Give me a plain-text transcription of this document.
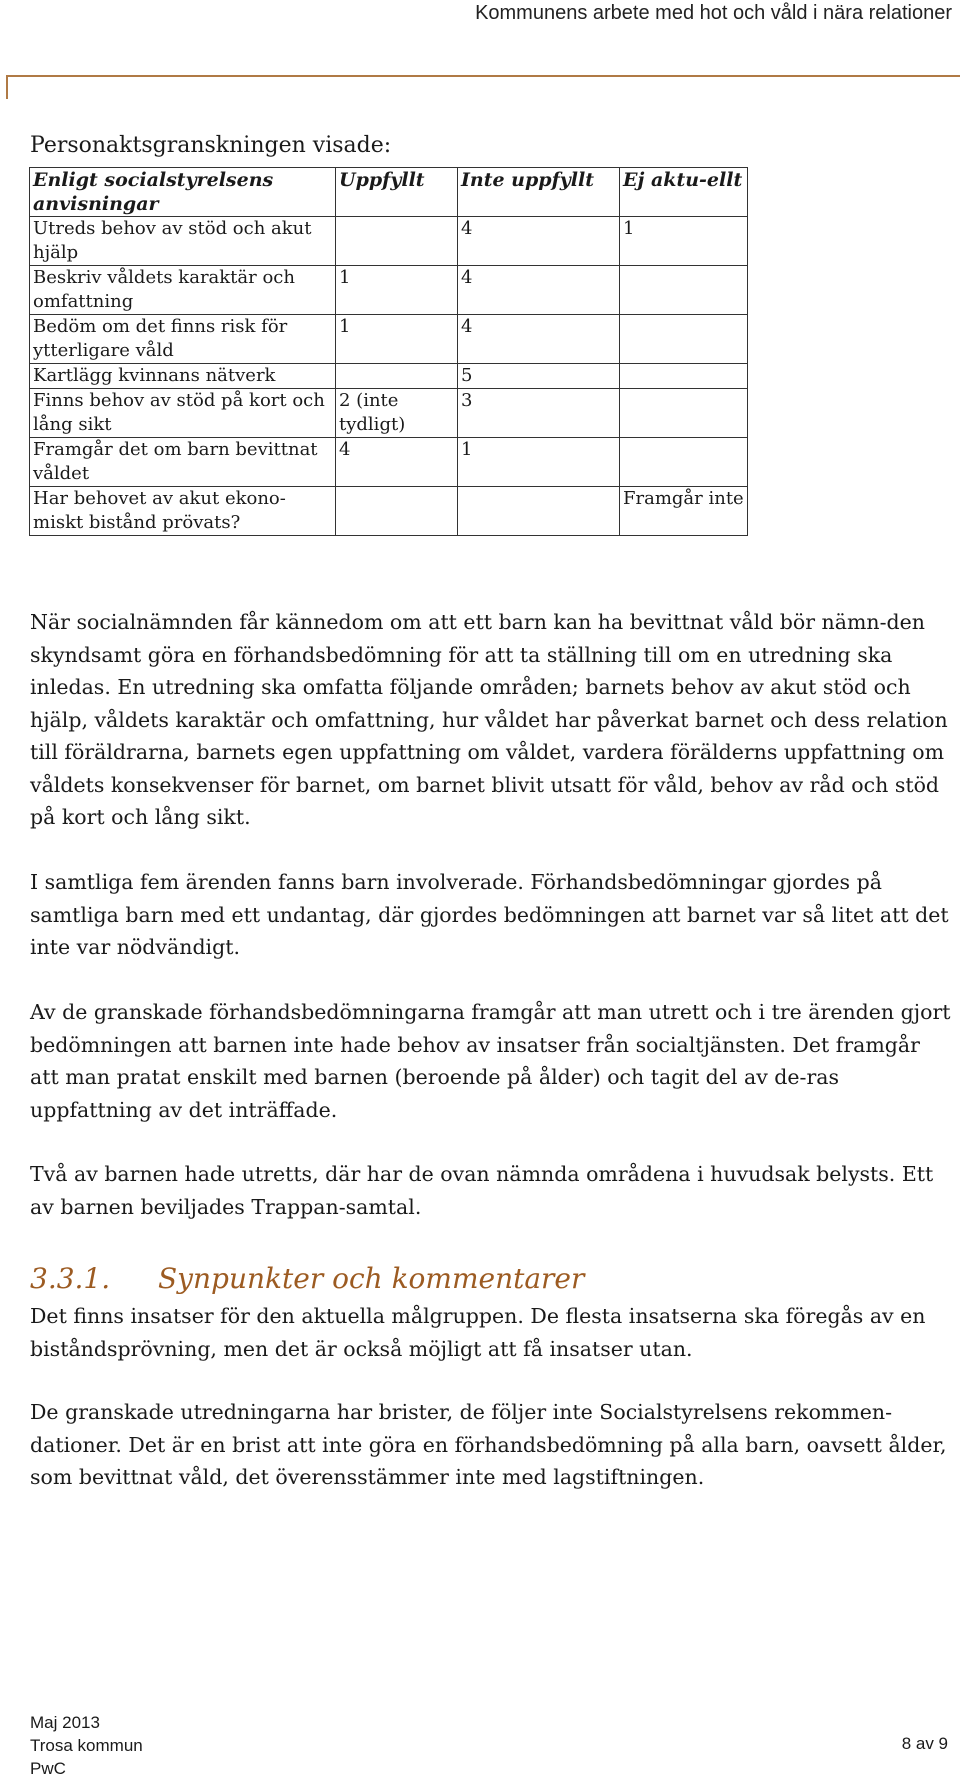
Kommunens arbete med hot och våld i nära relationer
Personaktsgranskningen visade:
Enligt socialstyrelsens anvisningar	Uppfyllt	Inte uppfyllt	Ej aktu-ellt
Utreds behov av stöd och akut hjälp		4	1
Beskriv våldets karaktär och omfattning	1	4	
Bedöm om det finns risk för ytterligare våld	1	4	
Kartlägg kvinnans nätverk		5	
Finns behov av stöd på kort och lång sikt	2 (inte tydligt)	3	
Framgår det om barn bevittnat våldet	4	1	
Har behovet av akut ekono-miskt bistånd prövats?			Framgår inte

När socialnämnden får kännedom om att ett barn kan ha bevittnat våld bör nämn-den skyndsamt göra en förhandsbedömning för att ta ställning till om en utredning ska inledas. En utredning ska omfatta följande områden; barnets behov av akut stöd och hjälp, våldets karaktär och omfattning, hur våldet har påverkat barnet och dess relation till föräldrarna, barnets egen uppfattning om våldet, vardera förälderns uppfattning om våldets konsekvenser för barnet, om barnet blivit utsatt för våld, behov av råd och stöd på kort och lång sikt.

I samtliga fem ärenden fanns barn involverade. Förhandsbedömningar gjordes på samtliga barn med ett undantag, där gjordes bedömningen att barnet var så litet att det inte var nödvändigt.

Av de granskade förhandsbedömningarna framgår att man utrett och i tre ärenden gjort bedömningen att barnen inte hade behov av insatser från socialtjänsten. Det framgår att man pratat enskilt med barnen (beroende på ålder) och tagit del av de-ras uppfattning av det inträffade.

Två av barnen hade utretts, där har de ovan nämnda områdena i huvudsak belysts. Ett av barnen beviljades Trappan-samtal.

3.3.1. Synpunkter och kommentarer

Det finns insatser för den aktuella målgruppen. De flesta insatserna ska föregås av en biståndsprövning, men det är också möjligt att få insatser utan.

De granskade utredningarna har brister, de följer inte Socialstyrelsens rekommen-dationer. Det är en brist att inte göra en förhandsbedömning på alla barn, oavsett ålder, som bevittnat våld, det överensstämmer inte med lagstiftningen.

Maj 2013
Trosa kommun
PwC
8 av 9
